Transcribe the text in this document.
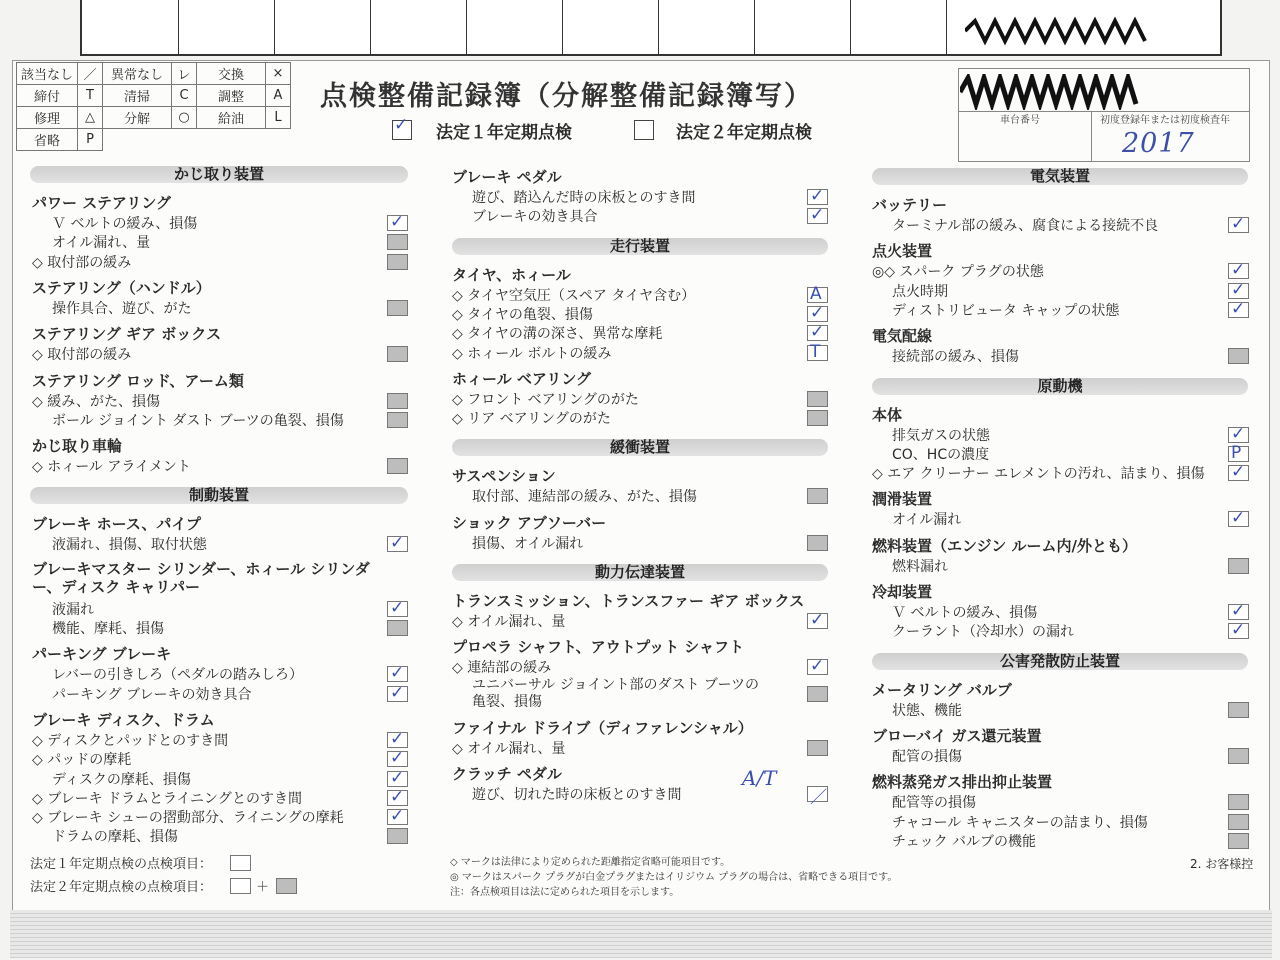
該当なし	／	異常なし	レ	交換	×
締付	T	清掃	C	調整	A
修理	△	分解	○	給油	L
省略	P				
点検整備記録簿（分解整備記録簿写）
✓ 法定１年定期点検	法定２年定期点検
車台番号	初度登録年または初度検査年
2017
かじ取り装置
パワー ステアリング
Ｖ ベルトの緩み、損傷	✓
オイル漏れ、量
◇ 取付部の緩み
ステアリング（ハンドル）
操作具合、遊び、がた
ステアリング ギア ボックス
◇ 取付部の緩み
ステアリング ロッド、アーム類
◇ 緩み、がた、損傷
ボール ジョイント ダスト ブーツの亀裂、損傷
かじ取り車輪
◇ ホィール アライメント
制動装置
ブレーキ ホース、パイプ
液漏れ、損傷、取付状態	✓
ブレーキマスター シリンダー、ホィール シリンダー、ディスク キャリパー
液漏れ	✓
機能、摩耗、損傷
パーキング ブレーキ
レバーの引きしろ（ペダルの踏みしろ）	✓
パーキング ブレーキの効き具合	✓
ブレーキ ディスク、ドラム
◇ ディスクとパッドとのすき間	✓
◇ パッドの摩耗	✓
ディスクの摩耗、損傷	✓
◇ ブレーキ ドラムとライニングとのすき間	✓
◇ ブレーキ シューの摺動部分、ライニングの摩耗	✓
ドラムの摩耗、損傷
ブレーキ ペダル
遊び、踏込んだ時の床板とのすき間	✓
ブレーキの効き具合	✓
走行装置
タイヤ、ホィール
◇ タイヤ空気圧（スペア タイヤ含む）	A
◇ タイヤの亀裂、損傷	✓
◇ タイヤの溝の深さ、異常な摩耗	✓
◇ ホィール ボルトの緩み	T
ホィール ベアリング
◇ フロント ベアリングのがた
◇ リア ベアリングのがた
緩衝装置
サスペンション
取付部、連結部の緩み、がた、損傷
ショック アブソーバー
損傷、オイル漏れ
動力伝達装置
トランスミッション、トランスファー ギア ボックス
◇ オイル漏れ、量	✓
プロペラ シャフト、アウトプット シャフト
◇ 連結部の緩み	✓
ユニバーサル ジョイント部のダスト ブーツの亀裂、損傷
ファイナル ドライブ（ディファレンシャル）
◇ オイル漏れ、量
クラッチ ペダル
遊び、切れた時の床板とのすき間	／
電気装置
バッテリー
ターミナル部の緩み、腐食による接続不良	✓
点火装置
◎◇ スパーク プラグの状態	✓
点火時期	✓
ディストリビュータ キャップの状態	✓
電気配線
接続部の緩み、損傷
原動機
本体
排気ガスの状態	✓
CO、HCの濃度	P
◇ エア クリーナー エレメントの汚れ、詰まり、損傷 ✓
潤滑装置
オイル漏れ	✓
燃料装置（エンジン ルーム内/外とも）
燃料漏れ
冷却装置
Ｖ ベルトの緩み、損傷	✓
クーラント（冷却水）の漏れ	✓
公害発散防止装置
メータリング バルブ
状態、機能
ブローバイ ガス還元装置
配管の損傷
燃料蒸発ガス排出抑止装置
配管等の損傷
チャコール キャニスターの詰まり、損傷
チェック バルブの機能
A/T
法定１年定期点検の点検項目：
法定２年定期点検の点検項目：	＋
◇ マークは法律により定められた距離指定省略可能項目です。
◎ マークはスパーク プラグが白金プラグまたはイリジウム プラグの場合は、省略できる項目です。
注：各点検項目は法に定められた項目を示します。
2. お客様控
